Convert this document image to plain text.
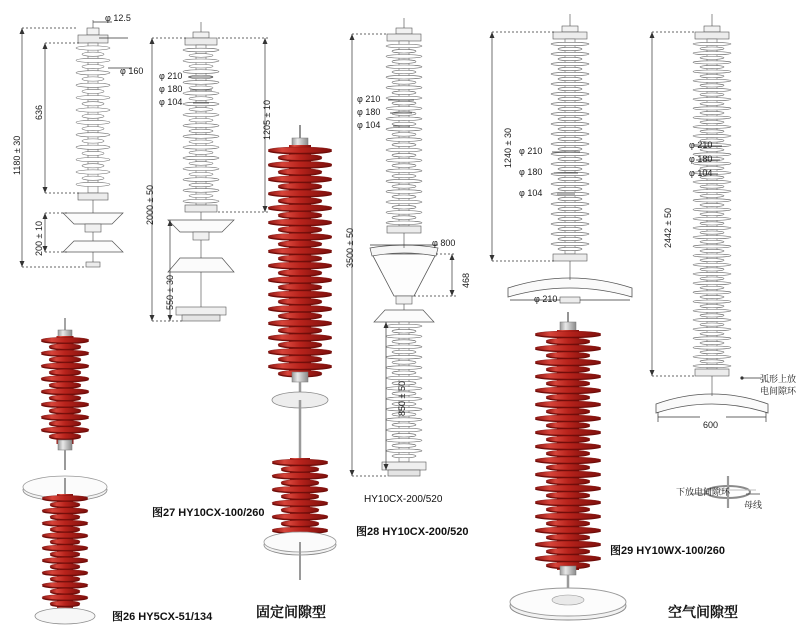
φ 12.5
φ 160
636
1180 ± 30
200 ± 10
φ 210
φ 180
φ 104	1205 ± 10
2000 ± 50
550 ± 30
φ 210
φ 180
φ 104
3500 ± 50	φ 800
468
850 ± 50
φ 210
φ 180
φ 104
1240 ± 30
φ 210
φ 210
φ 180
φ 104
2442 ± 50
600
弧形上放
电间隙环
下放电间隙环
母线
图26 HY5CX-51/134
图27 HY10CX-100/260
HY10CX-200/520
图28 HY10CX-200/520
图29 HY10WX-100/260
固定间隙型	空气间隙型
